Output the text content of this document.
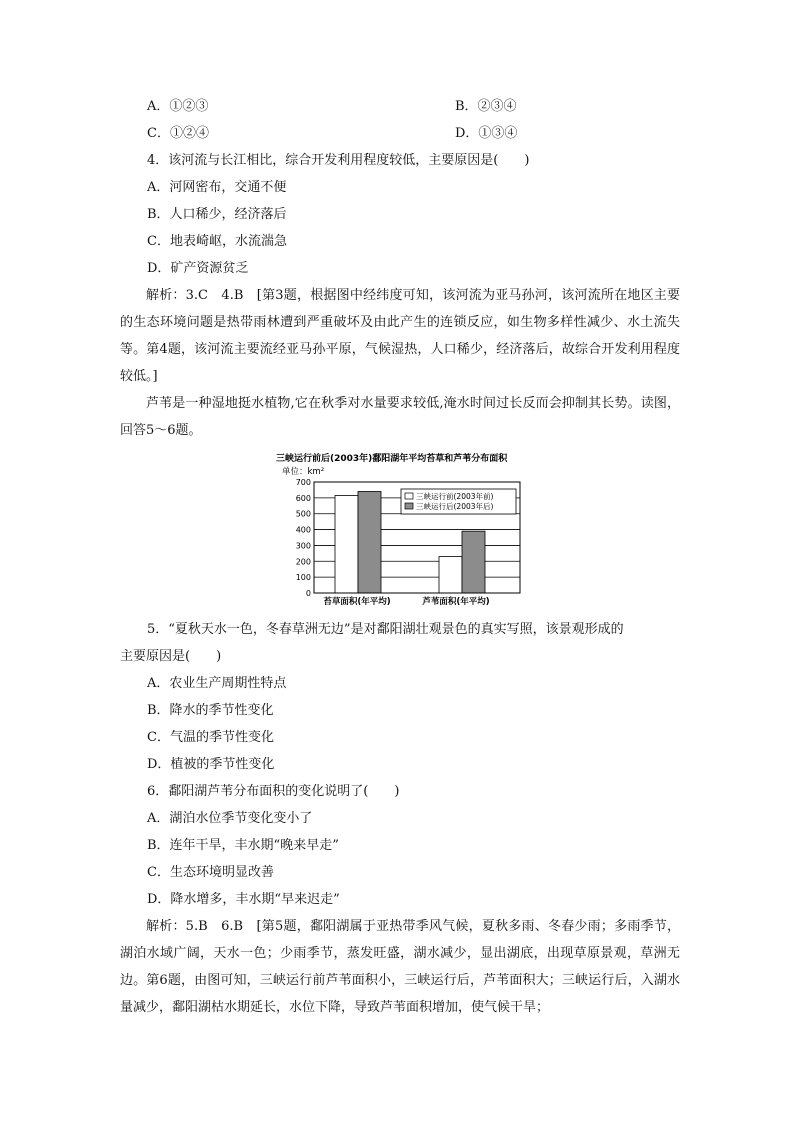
A．①②③	B．②③④
C．①②④	D．①③④
4．该河流与长江相比，综合开发利用程度较低，主要原因是(　　)
A．河网密布，交通不便
B．人口稀少，经济落后
C．地表崎岖，水流湍急
D．矿产资源贫乏
解析：3.C　4.B　[第3题，根据图中经纬度可知，该河流为亚马孙河，该河流所在地区主要的生态环境问题是热带雨林遭到严重破坏及由此产生的连锁反应，如生物多样性减少、水土流失等。第4题，该河流主要流经亚马孙平原，气候湿热，人口稀少，经济落后，故综合开发利用程度较低。]
芦苇是一种湿地挺水植物,它在秋季对水量要求较低,淹水时间过长反而会抑制其长势。读图，回答5～6题。
三峡运行前后(2003年)鄱阳湖年平均苔草和芦苇分布面积
单位：km²
0
100
200
300
400
500
600
700
苔草面积(年平均)	芦苇面积(年平均)
三峡运行前(2003年前)
三峡运行后(2003年后)
5．“夏秋天水一色，冬春草洲无边”是对鄱阳湖壮观景色的真实写照，该景观形成的
主要原因是(　　)
A．农业生产周期性特点
B．降水的季节性变化
C．气温的季节性变化
D．植被的季节性变化
6．鄱阳湖芦苇分布面积的变化说明了(　　)
A．湖泊水位季节变化变小了
B．连年干旱，丰水期“晚来早走”
C．生态环境明显改善
D．降水增多，丰水期“早来迟走”
解析：5.B　6.B　[第5题，鄱阳湖属于亚热带季风气候，夏秋多雨、冬春少雨；多雨季节，湖泊水域广阔，天水一色；少雨季节，蒸发旺盛，湖水减少，显出湖底，出现草原景观，草洲无边。第6题，由图可知，三峡运行前芦苇面积小，三峡运行后，芦苇面积大；三峡运行后，入湖水量减少，鄱阳湖枯水期延长，水位下降，导致芦苇面积增加，使气候干旱；
